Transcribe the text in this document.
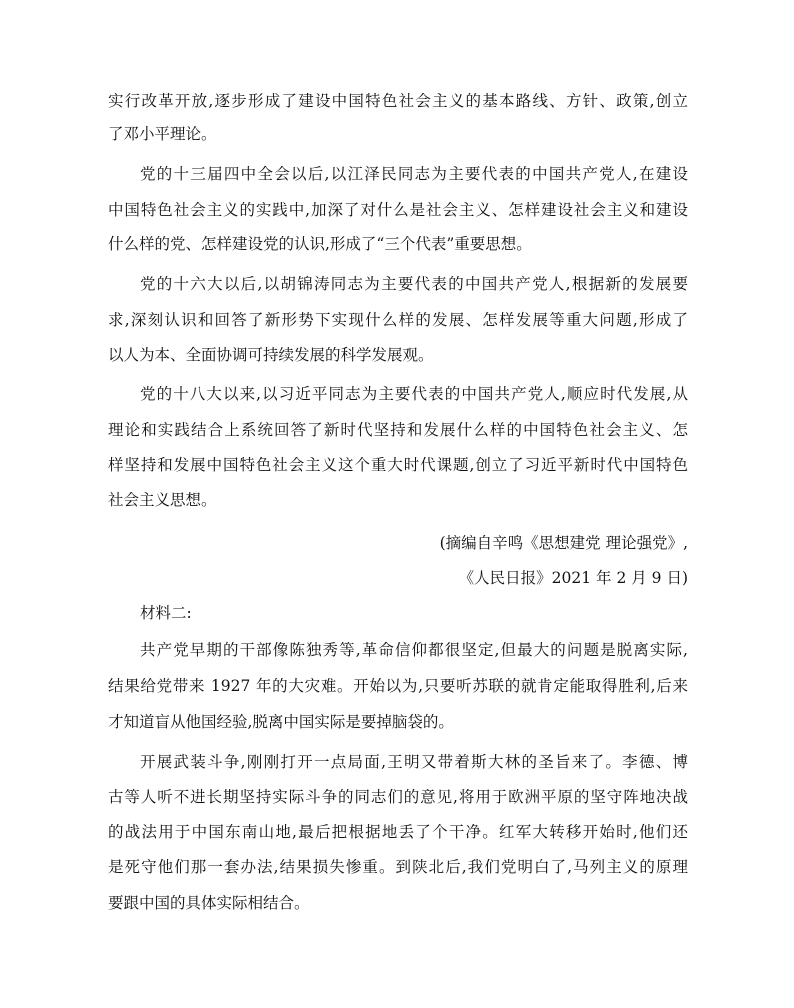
实行改革开放,逐步形成了建设中国特色社会主义的基本路线、方针、政策,创立
了邓小平理论。
党的十三届四中全会以后,以江泽民同志为主要代表的中国共产党人,在建设
中国特色社会主义的实践中,加深了对什么是社会主义、怎样建设社会主义和建设
什么样的党、怎样建设党的认识,形成了“三个代表”重要思想。
党的十六大以后,以胡锦涛同志为主要代表的中国共产党人,根据新的发展要
求,深刻认识和回答了新形势下实现什么样的发展、怎样发展等重大问题,形成了
以人为本、全面协调可持续发展的科学发展观。
党的十八大以来,以习近平同志为主要代表的中国共产党人,顺应时代发展,从
理论和实践结合上系统回答了新时代坚持和发展什么样的中国特色社会主义、怎
样坚持和发展中国特色社会主义这个重大时代课题,创立了习近平新时代中国特色
社会主义思想。
(摘编自辛鸣《思想建党 理论强党》,
《人民日报》2021 年 2 月 9 日)
材料二:
共产党早期的干部像陈独秀等,革命信仰都很坚定,但最大的问题是脱离实际,
结果给党带来 1927 年的大灾难。开始以为,只要听苏联的就肯定能取得胜利,后来
才知道盲从他国经验,脱离中国实际是要掉脑袋的。
开展武装斗争,刚刚打开一点局面,王明又带着斯大林的圣旨来了。李德、博
古等人听不进长期坚持实际斗争的同志们的意见,将用于欧洲平原的坚守阵地决战
的战法用于中国东南山地,最后把根据地丢了个干净。红军大转移开始时,他们还
是死守他们那一套办法,结果损失惨重。到陕北后,我们党明白了,马列主义的原理
要跟中国的具体实际相结合。
